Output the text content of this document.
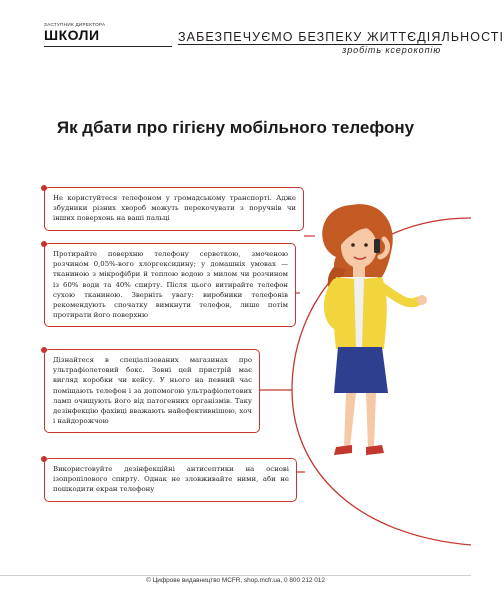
ЗАСТУПНИК ДИРЕКТОРА
ШКОЛИ	ЗАБЕЗПЕЧУЄМО БЕЗПЕКУ ЖИТТЄДІЯЛЬНОСТІ
зробіть ксерокопію
Як дбати про гігієну мобільного телефону
Не користуйтеся телефоном у громадському транспорті. Адже збудники різних хвороб можуть перекочувати з поручнів чи інших поверхонь на ваші пальці
Протирайте поверхню телефону серветкою, змоченою розчином 0,05%-вого хлоргексидину; у домашніх умовах — тканиною з мікрофібри й теплою водою з милом чи розчином із 60% води та 40% спирту. Після цього витирайте телефон сухою тканиною. Зверніть увагу: виробники телефонів рекомендують спочатку вимкнути телефон, лише потім протирати його поверхню
Дізнайтеся в спеціалізованих магазинах про ультрафіолетовий бокс. Зовні цей пристрій має вигляд коробки чи кейсу. У нього на певний час поміщають телефон і за допомогою ультрафіолетових ламп очищують його від патогенних організмів. Таку дезінфекцію фахівці вважають найефективнішою, хоч і найдорожчою
Використовуйте дезінфекційні антисептики на основі ізопропілового спирту. Однак не зловживайте ними, аби не пошкодити екран телефону
© Цифрове видавництво MCFR, shop.mcfr.ua, 0 800 212 012
